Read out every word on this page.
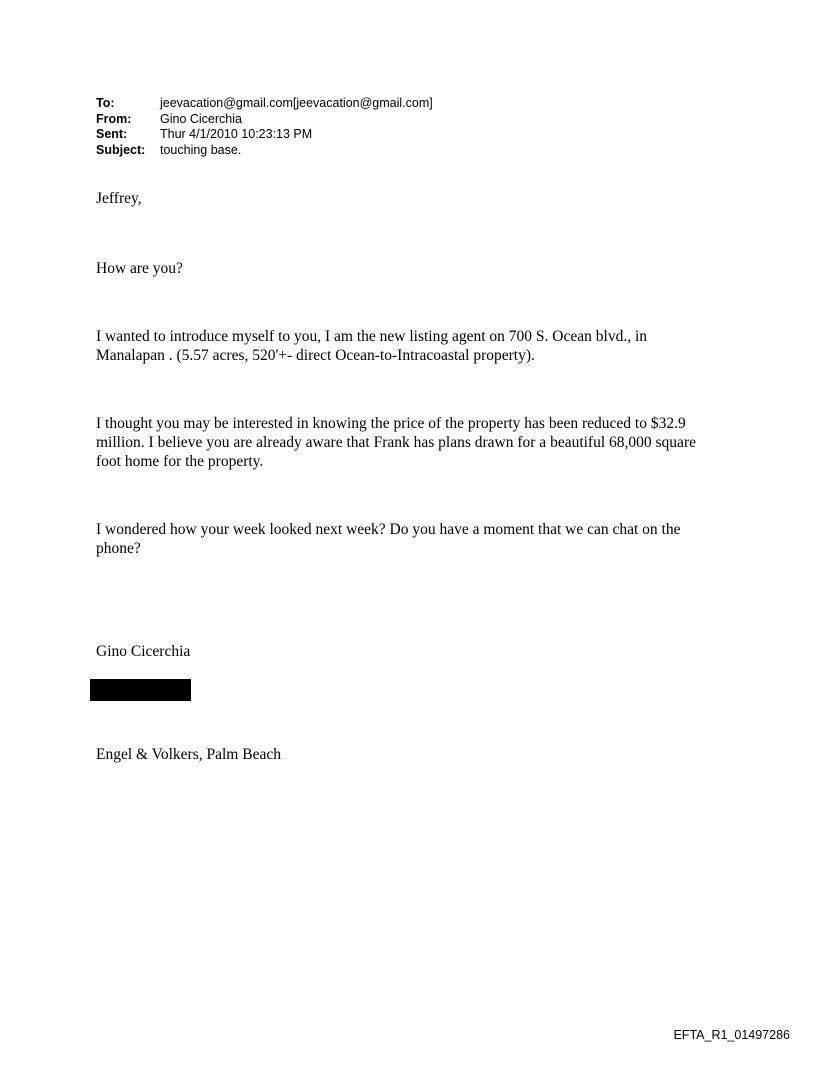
To:	jeevacation@gmail.com[jeevacation@gmail.com]
From:	Gino Cicerchia
Sent:	Thur 4/1/2010 10:23:13 PM
Subject:	touching base.

Jeffrey,

How are you?

I wanted to introduce myself to you, I am the new listing agent on 700 S. Ocean blvd., in

Manalapan . (5.57 acres, 520'+- direct Ocean-to-Intracoastal property).

I thought you may be interested in knowing the price of the property has been reduced to $32.9

million. I believe you are already aware that Frank has plans drawn for a beautiful 68,000 square

foot home for the property.

I wondered how your week looked next week? Do you have a moment that we can chat on the

phone?

Gino Cicerchia

Engel & Volkers, Palm Beach

EFTA_R1_01497286
